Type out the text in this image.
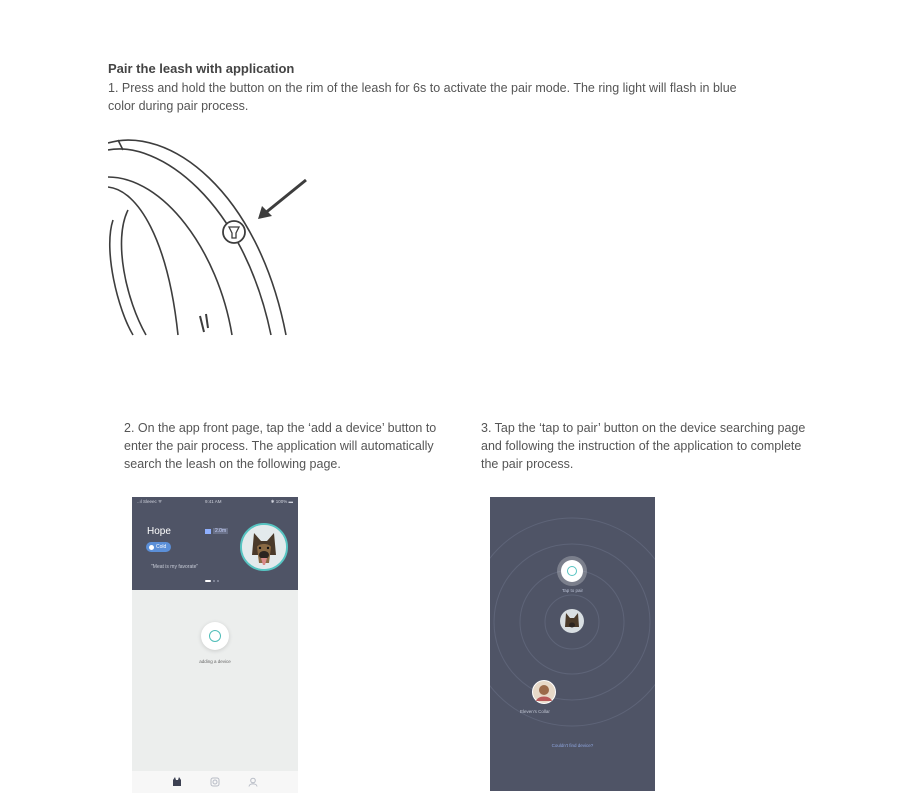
Pair the leash with application
1. Press and hold the button on the rim of the leash for 6s to activate the pair mode. The ring light will flash in blue color during pair process.
2. On the app front page, tap the ‘add a device’ button to enter the pair process. The application will automatically search the leash on the following page.
3. Tap the ‘tap to pair’ button on the device searching page and following the instruction of the application to complete the pair process.
..ıl Sleeec ᯤ	9:41 AM	✱ 100% ▬
Hope
Cold
2.0m
"Meat is my favorate"
adding a device
Tap to pair
Eleven's Collar
Couldn't find device?
